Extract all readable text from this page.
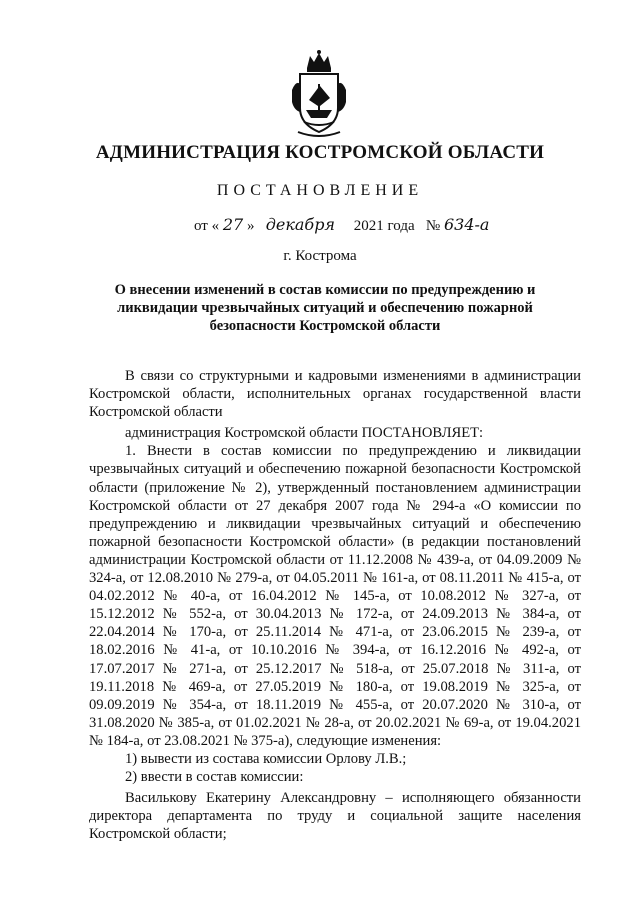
АДМИНИСТРАЦИЯ КОСТРОМСКОЙ ОБЛАСТИ
ПОСТАНОВЛЕНИЕ
от « 27 » декабря 2021 года № 634-а
г. Кострома
О внесении изменений в состав комиссии по предупреждению и ликвидации чрезвычайных ситуаций и обеспечению пожарной безопасности Костромской области

В связи со структурными и кадровыми изменениями в администрации Костромской области, исполнительных органах государственной власти Костромской области

администрация Костромской области ПОСТАНОВЛЯЕТ:

1. Внести в состав комиссии по предупреждению и ликвидации чрезвычайных ситуаций и обеспечению пожарной безопасности Костромской области (приложение № 2), утвержденный постановлением администрации Костромской области от 27 декабря 2007 года № 294-а «О комиссии по предупреждению и ликвидации чрезвычайных ситуаций и обеспечению пожарной безопасности Костромской области» (в редакции постановлений администрации Костромской области от 11.12.2008 № 439-а, от 04.09.2009 № 324-а, от 12.08.2010 № 279-а, от 04.05.2011 № 161-а, от 08.11.2011 № 415-а, от 04.02.2012 № 40-а, от 16.04.2012 № 145-а, от 10.08.2012 № 327-а, от 15.12.2012 № 552-а, от 30.04.2013 № 172-а, от 24.09.2013 № 384-а, от 22.04.2014 № 170-а, от 25.11.2014 № 471-а, от 23.06.2015 № 239-а, от 18.02.2016 № 41-а, от 10.10.2016 № 394-а, от 16.12.2016 № 492-а, от 17.07.2017 № 271-а, от 25.12.2017 № 518-а, от 25.07.2018 № 311-а, от 19.11.2018 № 469-а, от 27.05.2019 № 180-а, от 19.08.2019 № 325-а, от 09.09.2019 № 354-а, от 18.11.2019 № 455-а, от 20.07.2020 № 310-а, от 31.08.2020 № 385-а, от 01.02.2021 № 28-а, от 20.02.2021 № 69-а, от 19.04.2021 № 184-а, от 23.08.2021 № 375-а), следующие изменения:

1) вывести из состава комиссии Орлову Л.В.;

2) ввести в состав комиссии:

Василькову Екатерину Александровну – исполняющего обязанности директора департамента по труду и социальной защите населения Костромской области;
